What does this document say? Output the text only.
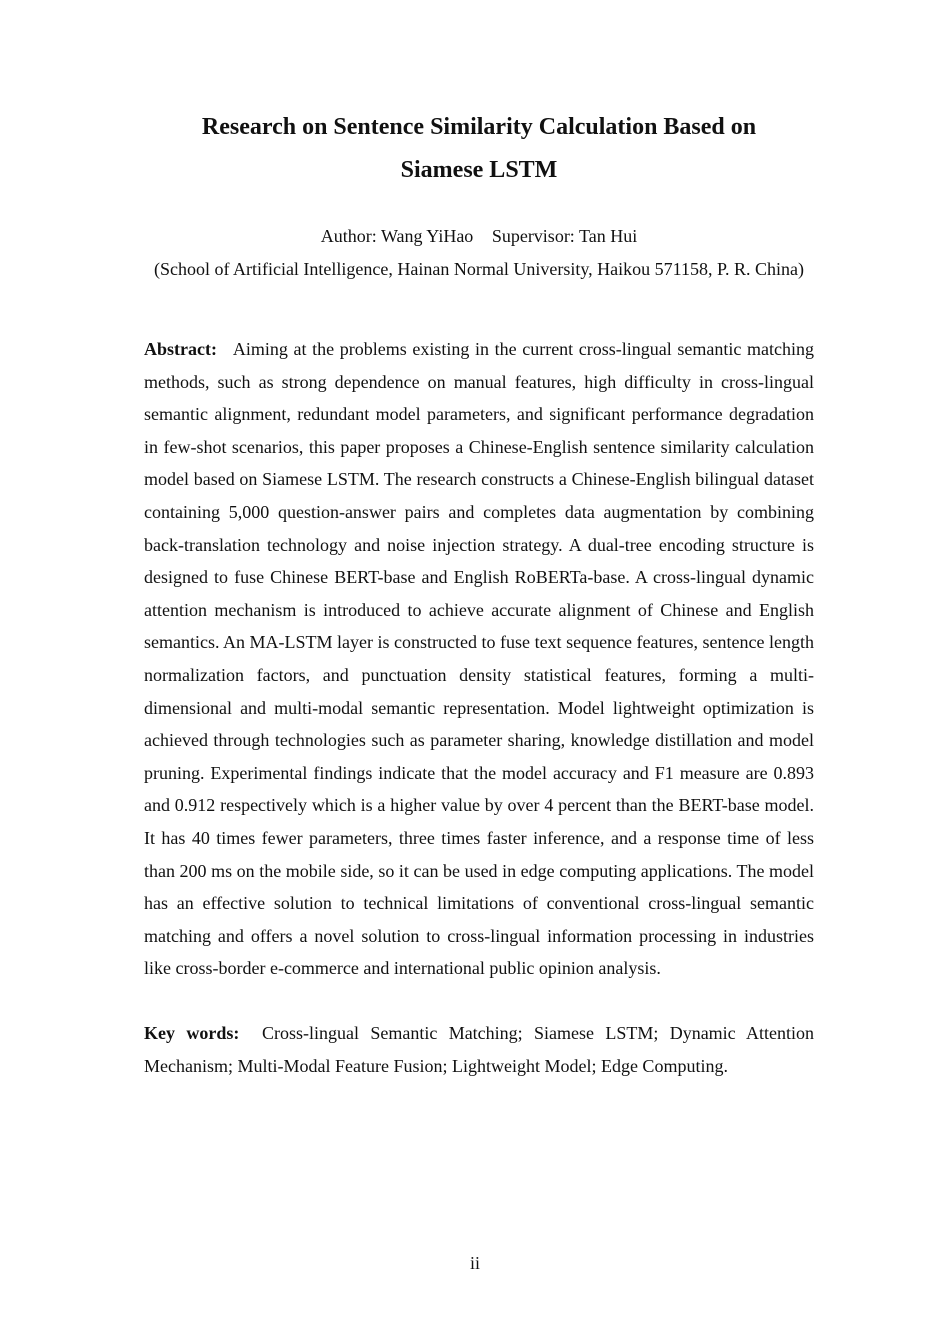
Research on Sentence Similarity Calculation Based on
Siamese LSTM
Author: Wang YiHao Supervisor: Tan Hui
(School of Artificial Intelligence, Hainan Normal University, Haikou 571158, P. R. China)
Abstract: Aiming at the problems existing in the current cross-lingual semantic matching methods, such as strong dependence on manual features, high difficulty in cross-lingual semantic alignment, redundant model parameters, and significant performance degradation in few-shot scenarios, this paper proposes a Chinese-English sentence similarity calculation model based on Siamese LSTM. The research constructs a Chinese-English bilingual dataset containing 5,000 question-answer pairs and completes data augmentation by combining back-translation technology and noise injection strategy. A dual-tree encoding structure is designed to fuse Chinese BERT-base and English RoBERTa-base. A cross-lingual dynamic attention mechanism is introduced to achieve accurate alignment of Chinese and English semantics. An MA-LSTM layer is constructed to fuse text sequence features, sentence length normalization factors, and punctuation density statistical features, forming a multi-dimensional and multi-modal semantic representation. Model lightweight optimization is achieved through technologies such as parameter sharing, knowledge distillation and model pruning. Experimental findings indicate that the model accuracy and F1 measure are 0.893 and 0.912 respectively which is a higher value by over 4 percent than the BERT-base model. It has 40 times fewer parameters, three times faster inference, and a response time of less than 200 ms on the mobile side, so it can be used in edge computing applications. The model has an effective solution to technical limitations of conventional cross-lingual semantic matching and offers a novel solution to cross-lingual information processing in industries like cross-border e-commerce and international public opinion analysis.
Key words: Cross-lingual Semantic Matching; Siamese LSTM; Dynamic Attention Mechanism; Multi-Modal Feature Fusion; Lightweight Model; Edge Computing.
ii
